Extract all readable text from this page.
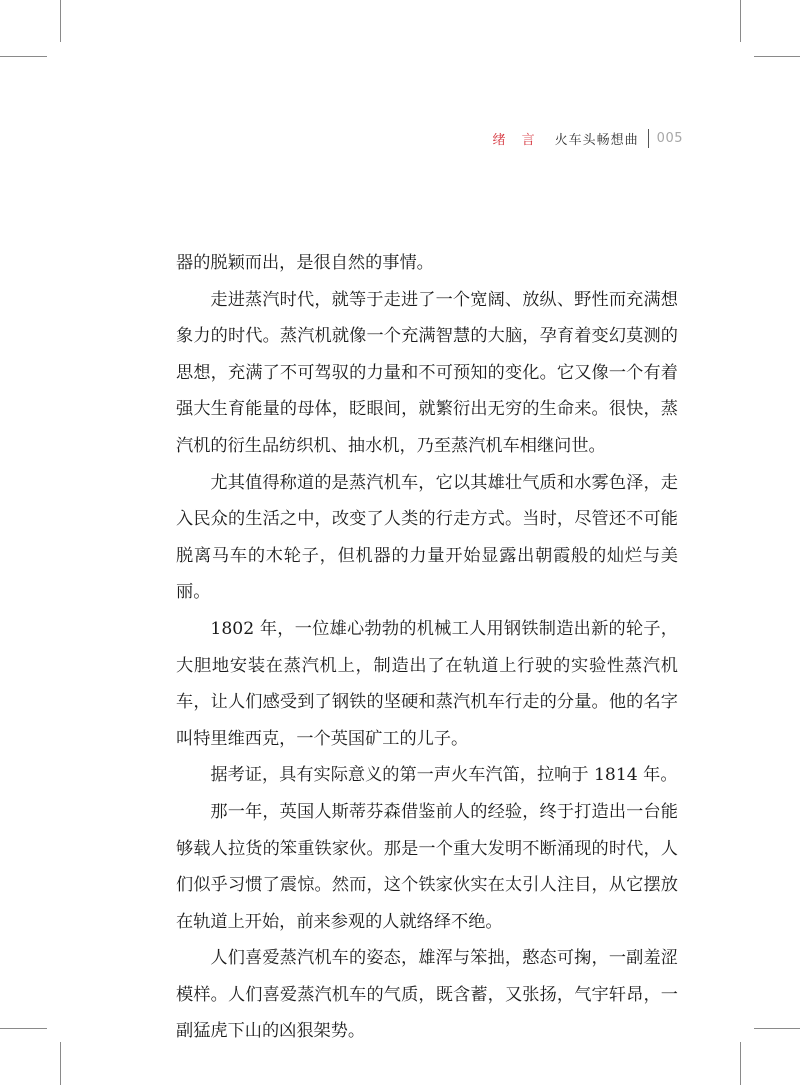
绪 言 火车头畅想曲 005

器的脱颖而出，是很自然的事情。

走进蒸汽时代，就等于走进了一个宽阔、放纵、野性而充满想象力的时代。蒸汽机就像一个充满智慧的大脑，孕育着变幻莫测的思想，充满了不可驾驭的力量和不可预知的变化。它又像一个有着强大生育能量的母体，眨眼间，就繁衍出无穷的生命来。很快，蒸汽机的衍生品纺织机、抽水机，乃至蒸汽机车相继问世。

尤其值得称道的是蒸汽机车，它以其雄壮气质和水雾色泽，走入民众的生活之中，改变了人类的行走方式。当时，尽管还不可能脱离马车的木轮子，但机器的力量开始显露出朝霞般的灿烂与美丽。

1802 年，一位雄心勃勃的机械工人用钢铁制造出新的轮子，大胆地安装在蒸汽机上，制造出了在轨道上行驶的实验性蒸汽机车，让人们感受到了钢铁的坚硬和蒸汽机车行走的分量。他的名字叫特里维西克，一个英国矿工的儿子。

据考证，具有实际意义的第一声火车汽笛，拉响于 1814 年。

那一年，英国人斯蒂芬森借鉴前人的经验，终于打造出一台能够载人拉货的笨重铁家伙。那是一个重大发明不断涌现的时代，人们似乎习惯了震惊。然而，这个铁家伙实在太引人注目，从它摆放在轨道上开始，前来参观的人就络绎不绝。

人们喜爱蒸汽机车的姿态，雄浑与笨拙，憨态可掬，一副羞涩模样。人们喜爱蒸汽机车的气质，既含蓄，又张扬，气宇轩昂，一副猛虎下山的凶狠架势。
